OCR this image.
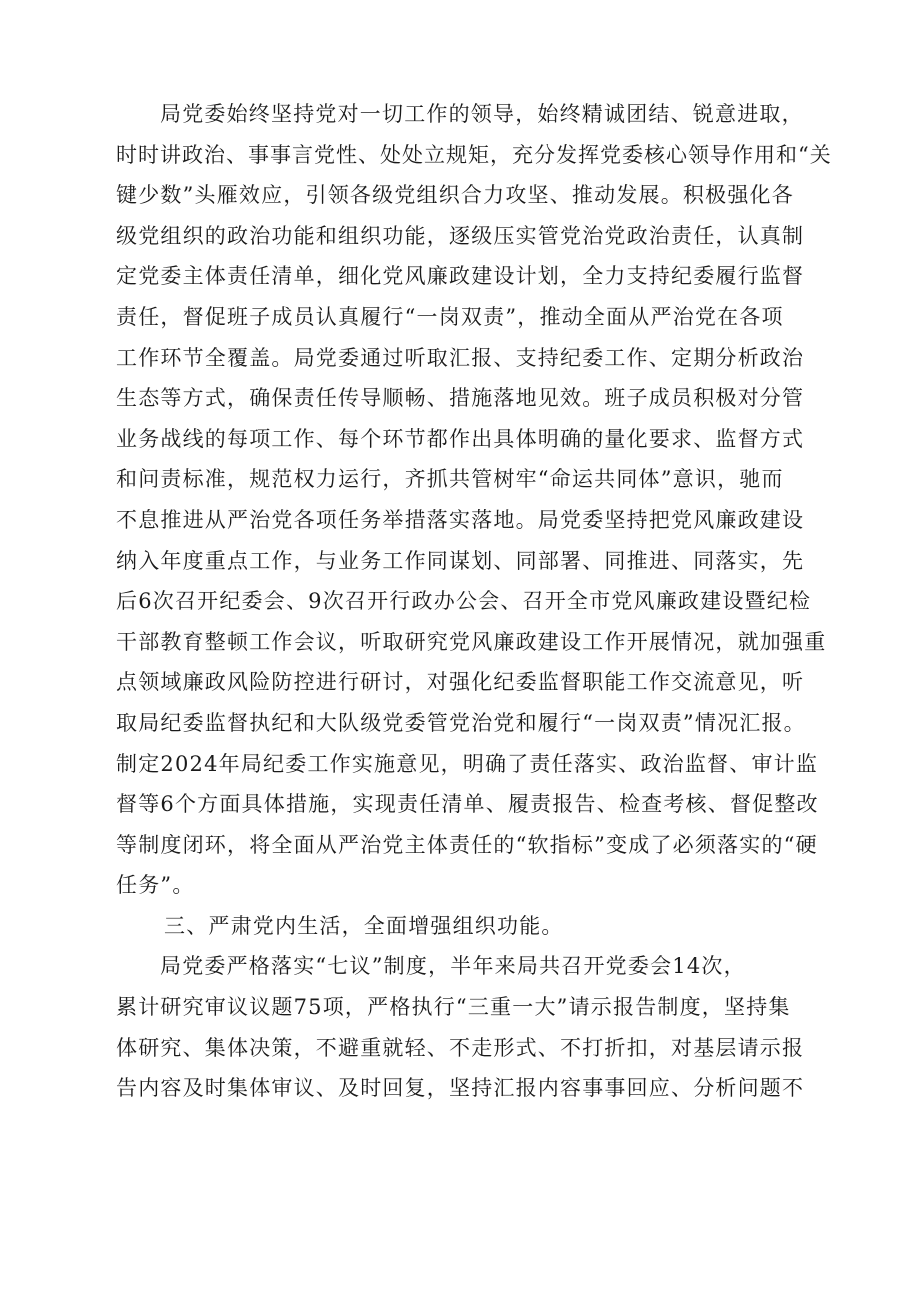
局党委始终坚持党对一切工作的领导，始终精诚团结、锐意进取，
时时讲政治、事事言党性、处处立规矩，充分发挥党委核心领导作用和“关
键少数”头雁效应，引领各级党组织合力攻坚、推动发展。积极强化各
级党组织的政治功能和组织功能，逐级压实管党治党政治责任，认真制
定党委主体责任清单，细化党风廉政建设计划，全力支持纪委履行监督
责任，督促班子成员认真履行“一岗双责”，推动全面从严治党在各项
工作环节全覆盖。局党委通过听取汇报、支持纪委工作、定期分析政治
生态等方式，确保责任传导顺畅、措施落地见效。班子成员积极对分管
业务战线的每项工作、每个环节都作出具体明确的量化要求、监督方式
和问责标准，规范权力运行，齐抓共管树牢“命运共同体”意识，驰而
不息推进从严治党各项任务举措落实落地。局党委坚持把党风廉政建设
纳入年度重点工作，与业务工作同谋划、同部署、同推进、同落实，先
后6次召开纪委会、9次召开行政办公会、召开全市党风廉政建设暨纪检
干部教育整顿工作会议，听取研究党风廉政建设工作开展情况，就加强重
点领域廉政风险防控进行研讨，对强化纪委监督职能工作交流意见，听
取局纪委监督执纪和大队级党委管党治党和履行“一岗双责”情况汇报。
制定2024年局纪委工作实施意见，明确了责任落实、政治监督、审计监
督等6个方面具体措施，实现责任清单、履责报告、检查考核、督促整改
等制度闭环，将全面从严治党主体责任的“软指标”变成了必须落实的“硬
任务”。
三、严肃党内生活，全面增强组织功能。
局党委严格落实“七议”制度，半年来局共召开党委会14次，
累计研究审议议题75项，严格执行“三重一大”请示报告制度，坚持集
体研究、集体决策，不避重就轻、不走形式、不打折扣，对基层请示报
告内容及时集体审议、及时回复，坚持汇报内容事事回应、分析问题不
